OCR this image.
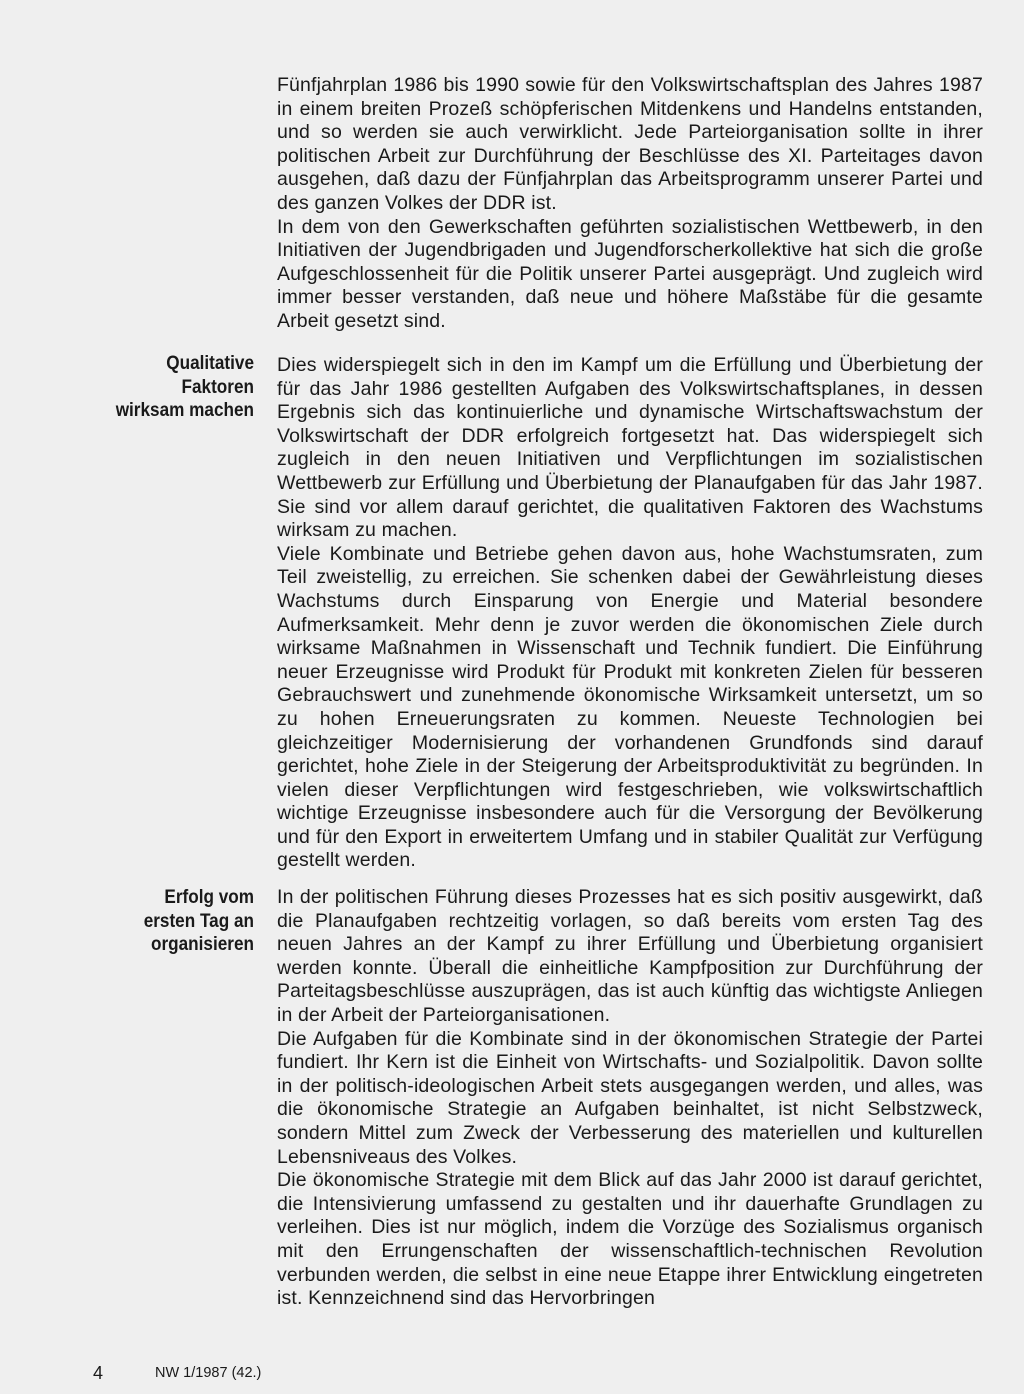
Fünfjahrplan 1986 bis 1990 sowie für den Volkswirtschaftsplan des Jahres 1987 in einem breiten Prozeß schöpferischen Mitdenkens und Handelns entstanden, und so werden sie auch verwirklicht. Jede Parteiorganisation sollte in ihrer politischen Arbeit zur Durchführung der Beschlüsse des XI. Parteitages davon ausgehen, daß dazu der Fünfjahrplan das Arbeitsprogramm unserer Partei und des ganzen Volkes der DDR ist.

In dem von den Gewerkschaften geführten sozialistischen Wettbewerb, in den Initiativen der Jugendbrigaden und Jugendforscherkollektive hat sich die große Aufgeschlossenheit für die Politik unserer Partei ausgeprägt. Und zugleich wird immer besser verstanden, daß neue und höhere Maßstäbe für die gesamte Arbeit gesetzt sind.

Qualitative
Faktoren
wirksam machen

Dies widerspiegelt sich in den im Kampf um die Erfüllung und Überbietung der für das Jahr 1986 gestellten Aufgaben des Volkswirtschaftsplanes, in dessen Ergebnis sich das kontinuierliche und dynamische Wirtschaftswachstum der Volkswirtschaft der DDR erfolgreich fortgesetzt hat. Das widerspiegelt sich zugleich in den neuen Initiativen und Verpflichtungen im sozialistischen Wettbewerb zur Erfüllung und Überbietung der Planaufgaben für das Jahr 1987. Sie sind vor allem darauf gerichtet, die qualitativen Faktoren des Wachstums wirksam zu machen.

Viele Kombinate und Betriebe gehen davon aus, hohe Wachstumsraten, zum Teil zweistellig, zu erreichen. Sie schenken dabei der Gewährleistung dieses Wachstums durch Einsparung von Energie und Material besondere Aufmerksamkeit. Mehr denn je zuvor werden die ökonomischen Ziele durch wirksame Maßnahmen in Wissenschaft und Technik fundiert. Die Einführung neuer Erzeugnisse wird Produkt für Produkt mit konkreten Zielen für besseren Gebrauchswert und zunehmende ökonomische Wirksamkeit untersetzt, um so zu hohen Erneuerungsraten zu kommen. Neueste Technologien bei gleichzeitiger Modernisierung der vorhandenen Grundfonds sind darauf gerichtet, hohe Ziele in der Steigerung der Arbeitsproduktivität zu begründen. In vielen dieser Verpflichtungen wird festgeschrieben, wie volkswirtschaftlich wichtige Erzeugnisse insbesondere auch für die Versorgung der Bevölkerung und für den Export in erweitertem Umfang und in stabiler Qualität zur Verfügung gestellt werden.

Erfolg vom
ersten Tag an
organisieren

In der politischen Führung dieses Prozesses hat es sich positiv ausgewirkt, daß die Planaufgaben rechtzeitig vorlagen, so daß bereits vom ersten Tag des neuen Jahres an der Kampf zu ihrer Erfüllung und Überbietung organisiert werden konnte. Überall die einheitliche Kampfposition zur Durchführung der Parteitagsbeschlüsse auszuprägen, das ist auch künftig das wichtigste Anliegen in der Arbeit der Parteiorganisationen.

Die Aufgaben für die Kombinate sind in der ökonomischen Strategie der Partei fundiert. Ihr Kern ist die Einheit von Wirtschafts- und Sozialpolitik. Davon sollte in der politisch-ideologischen Arbeit stets ausgegangen werden, und alles, was die ökonomische Strategie an Aufgaben beinhaltet, ist nicht Selbstzweck, sondern Mittel zum Zweck der Verbesserung des materiellen und kulturellen Lebensniveaus des Volkes.

Die ökonomische Strategie mit dem Blick auf das Jahr 2000 ist darauf gerichtet, die Intensivierung umfassend zu gestalten und ihr dauerhafte Grundlagen zu verleihen. Dies ist nur möglich, indem die Vorzüge des Sozialismus organisch mit den Errungenschaften der wissenschaftlich-technischen Revolution verbunden werden, die selbst in eine neue Etappe ihrer Entwicklung eingetreten ist. Kennzeichnend sind das Hervorbringen

4	NW 1/1987 (42.)
